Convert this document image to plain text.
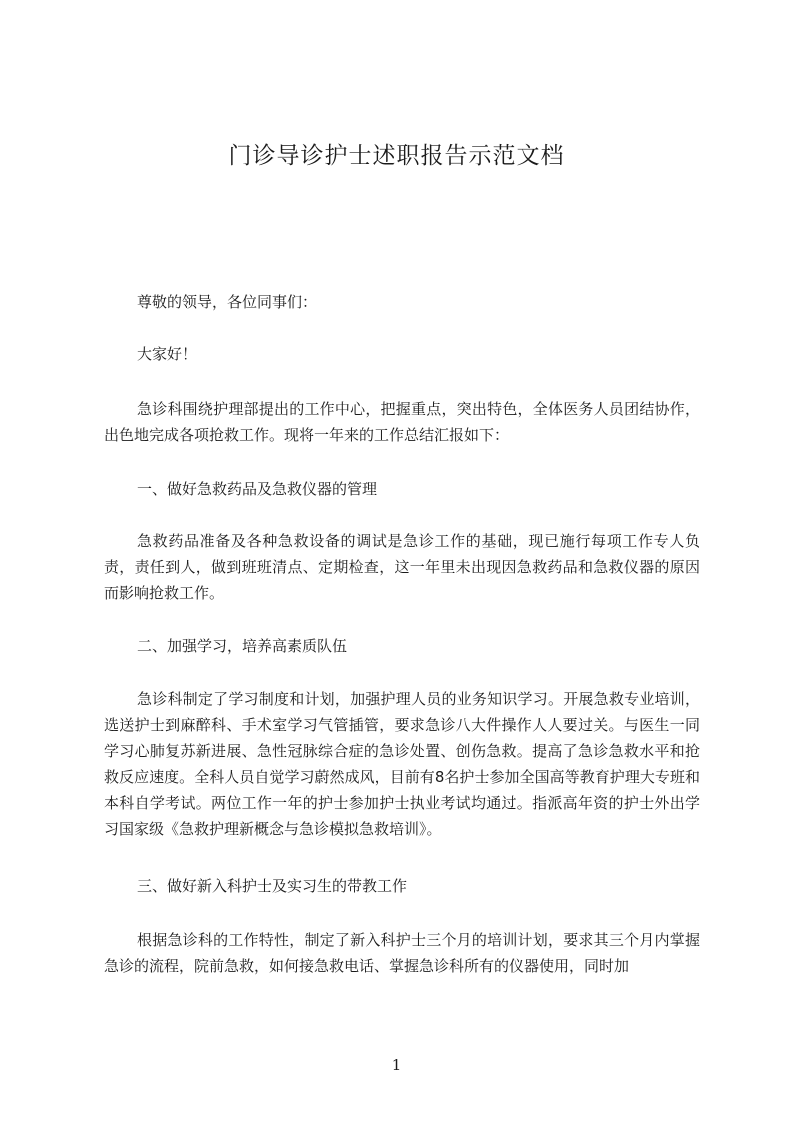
门诊导诊护士述职报告示范文档

尊敬的领导，各位同事们：

大家好！

急诊科围绕护理部提出的工作中心，把握重点，突出特色，全体医务人员团结协作，出色地完成各项抢救工作。现将一年来的工作总结汇报如下：

一、做好急救药品及急救仪器的管理

急救药品准备及各种急救设备的调试是急诊工作的基础，现已施行每项工作专人负责，责任到人，做到班班清点、定期检查，这一年里未出现因急救药品和急救仪器的原因而影响抢救工作。

二、加强学习，培养高素质队伍

急诊科制定了学习制度和计划，加强护理人员的业务知识学习。开展急救专业培训，选送护士到麻醉科、手术室学习气管插管，要求急诊八大件操作人人要过关。与医生一同学习心肺复苏新进展、急性冠脉综合症的急诊处置、创伤急救。提高了急诊急救水平和抢救反应速度。全科人员自觉学习蔚然成风，目前有8名护士参加全国高等教育护理大专班和本科自学考试。两位工作一年的护士参加护士执业考试均通过。指派高年资的护士外出学习国家级《急救护理新概念与急诊模拟急救培训》。

三、做好新入科护士及实习生的带教工作

根据急诊科的工作特性，制定了新入科护士三个月的培训计划，要求其三个月内掌握急诊的流程，院前急救，如何接急救电话、掌握急诊科所有的仪器使用，同时加

1
